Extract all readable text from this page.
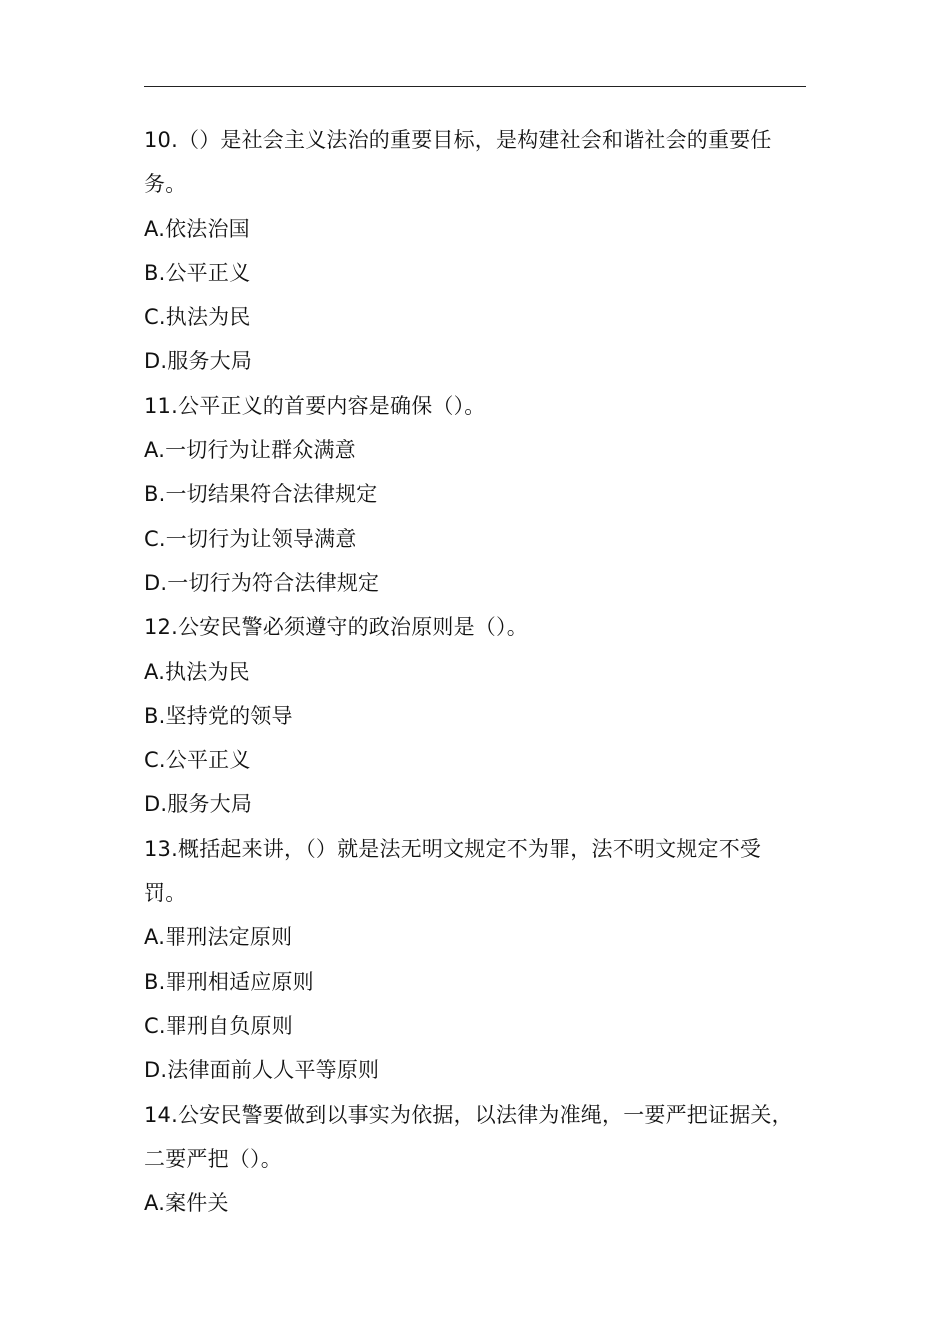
10.（）是社会主义法治的重要目标，是构建社会和谐社会的重要任
务。
A.依法治国
B.公平正义
C.执法为民
D.服务大局
11.公平正义的首要内容是确保（）。
A.一切行为让群众满意
B.一切结果符合法律规定
C.一切行为让领导满意
D.一切行为符合法律规定
12.公安民警必须遵守的政治原则是（）。
A.执法为民
B.坚持党的领导
C.公平正义
D.服务大局
13.概括起来讲，（）就是法无明文规定不为罪，法不明文规定不受
罚。
A.罪刑法定原则
B.罪刑相适应原则
C.罪刑自负原则
D.法律面前人人平等原则
14.公安民警要做到以事实为依据，以法律为准绳，一要严把证据关，
二要严把（）。
A.案件关
